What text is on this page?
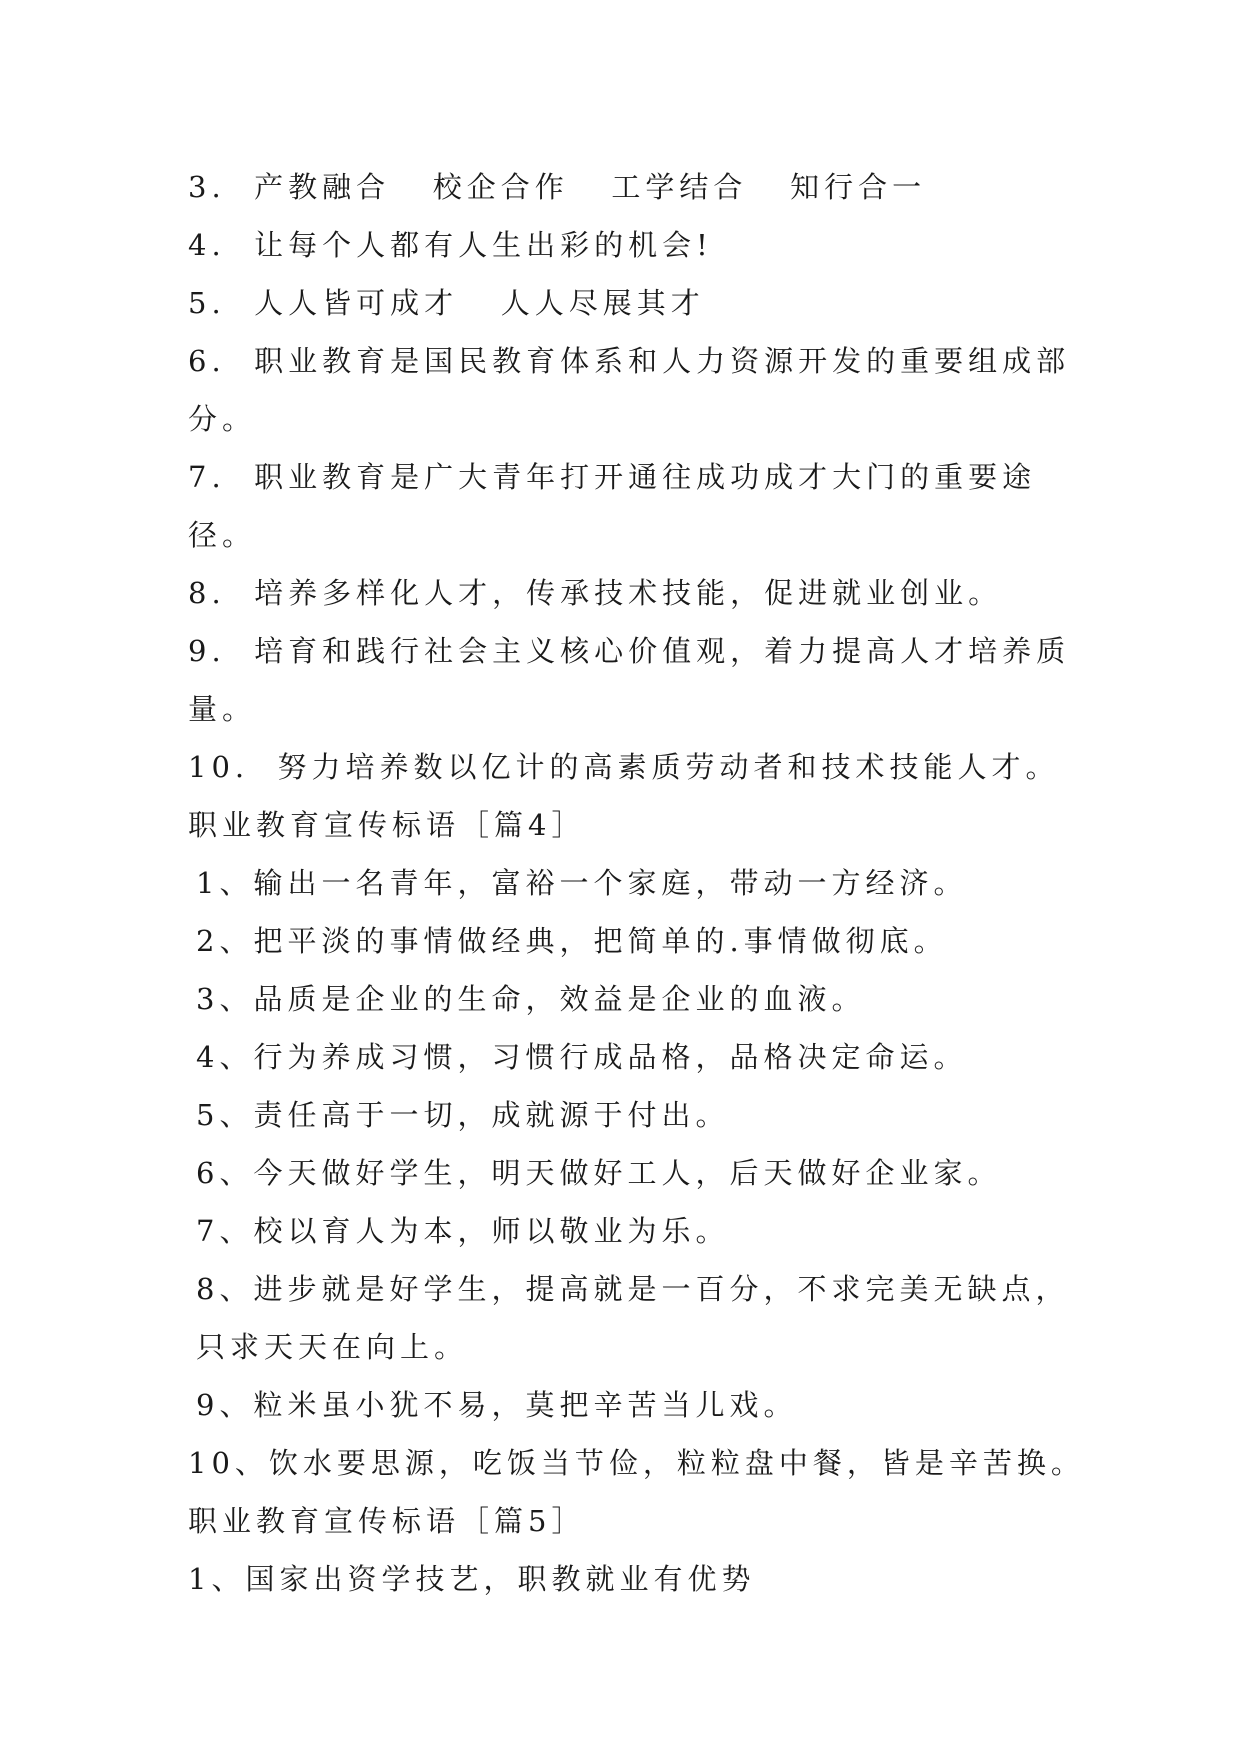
3.  产教融合   校企合作   工学结合   知行合一

4.  让每个人都有人生出彩的机会!

5.  人人皆可成才   人人尽展其才

6.  职业教育是国民教育体系和人力资源开发的重要组成部分。

7.  职业教育是广大青年打开通往成功成才大门的重要途径。

8.  培养多样化人才，传承技术技能，促进就业创业。

9.  培育和践行社会主义核心价值观，着力提高人才培养质量。

10.  努力培养数以亿计的高素质劳动者和技术技能人才。

职业教育宣传标语［篇4］

1、输出一名青年，富裕一个家庭，带动一方经济。

2、把平淡的事情做经典，把简单的.事情做彻底。

3、品质是企业的生命，效益是企业的血液。

4、行为养成习惯，习惯行成品格，品格决定命运。

5、责任高于一切，成就源于付出。

6、今天做好学生，明天做好工人，后天做好企业家。

7、校以育人为本，师以敬业为乐。

8、进步就是好学生，提高就是一百分，不求完美无缺点，只求天天在向上。

9、粒米虽小犹不易，莫把辛苦当儿戏。

10、饮水要思源，吃饭当节俭，粒粒盘中餐，皆是辛苦换。

职业教育宣传标语［篇5］

1、国家出资学技艺，职教就业有优势
